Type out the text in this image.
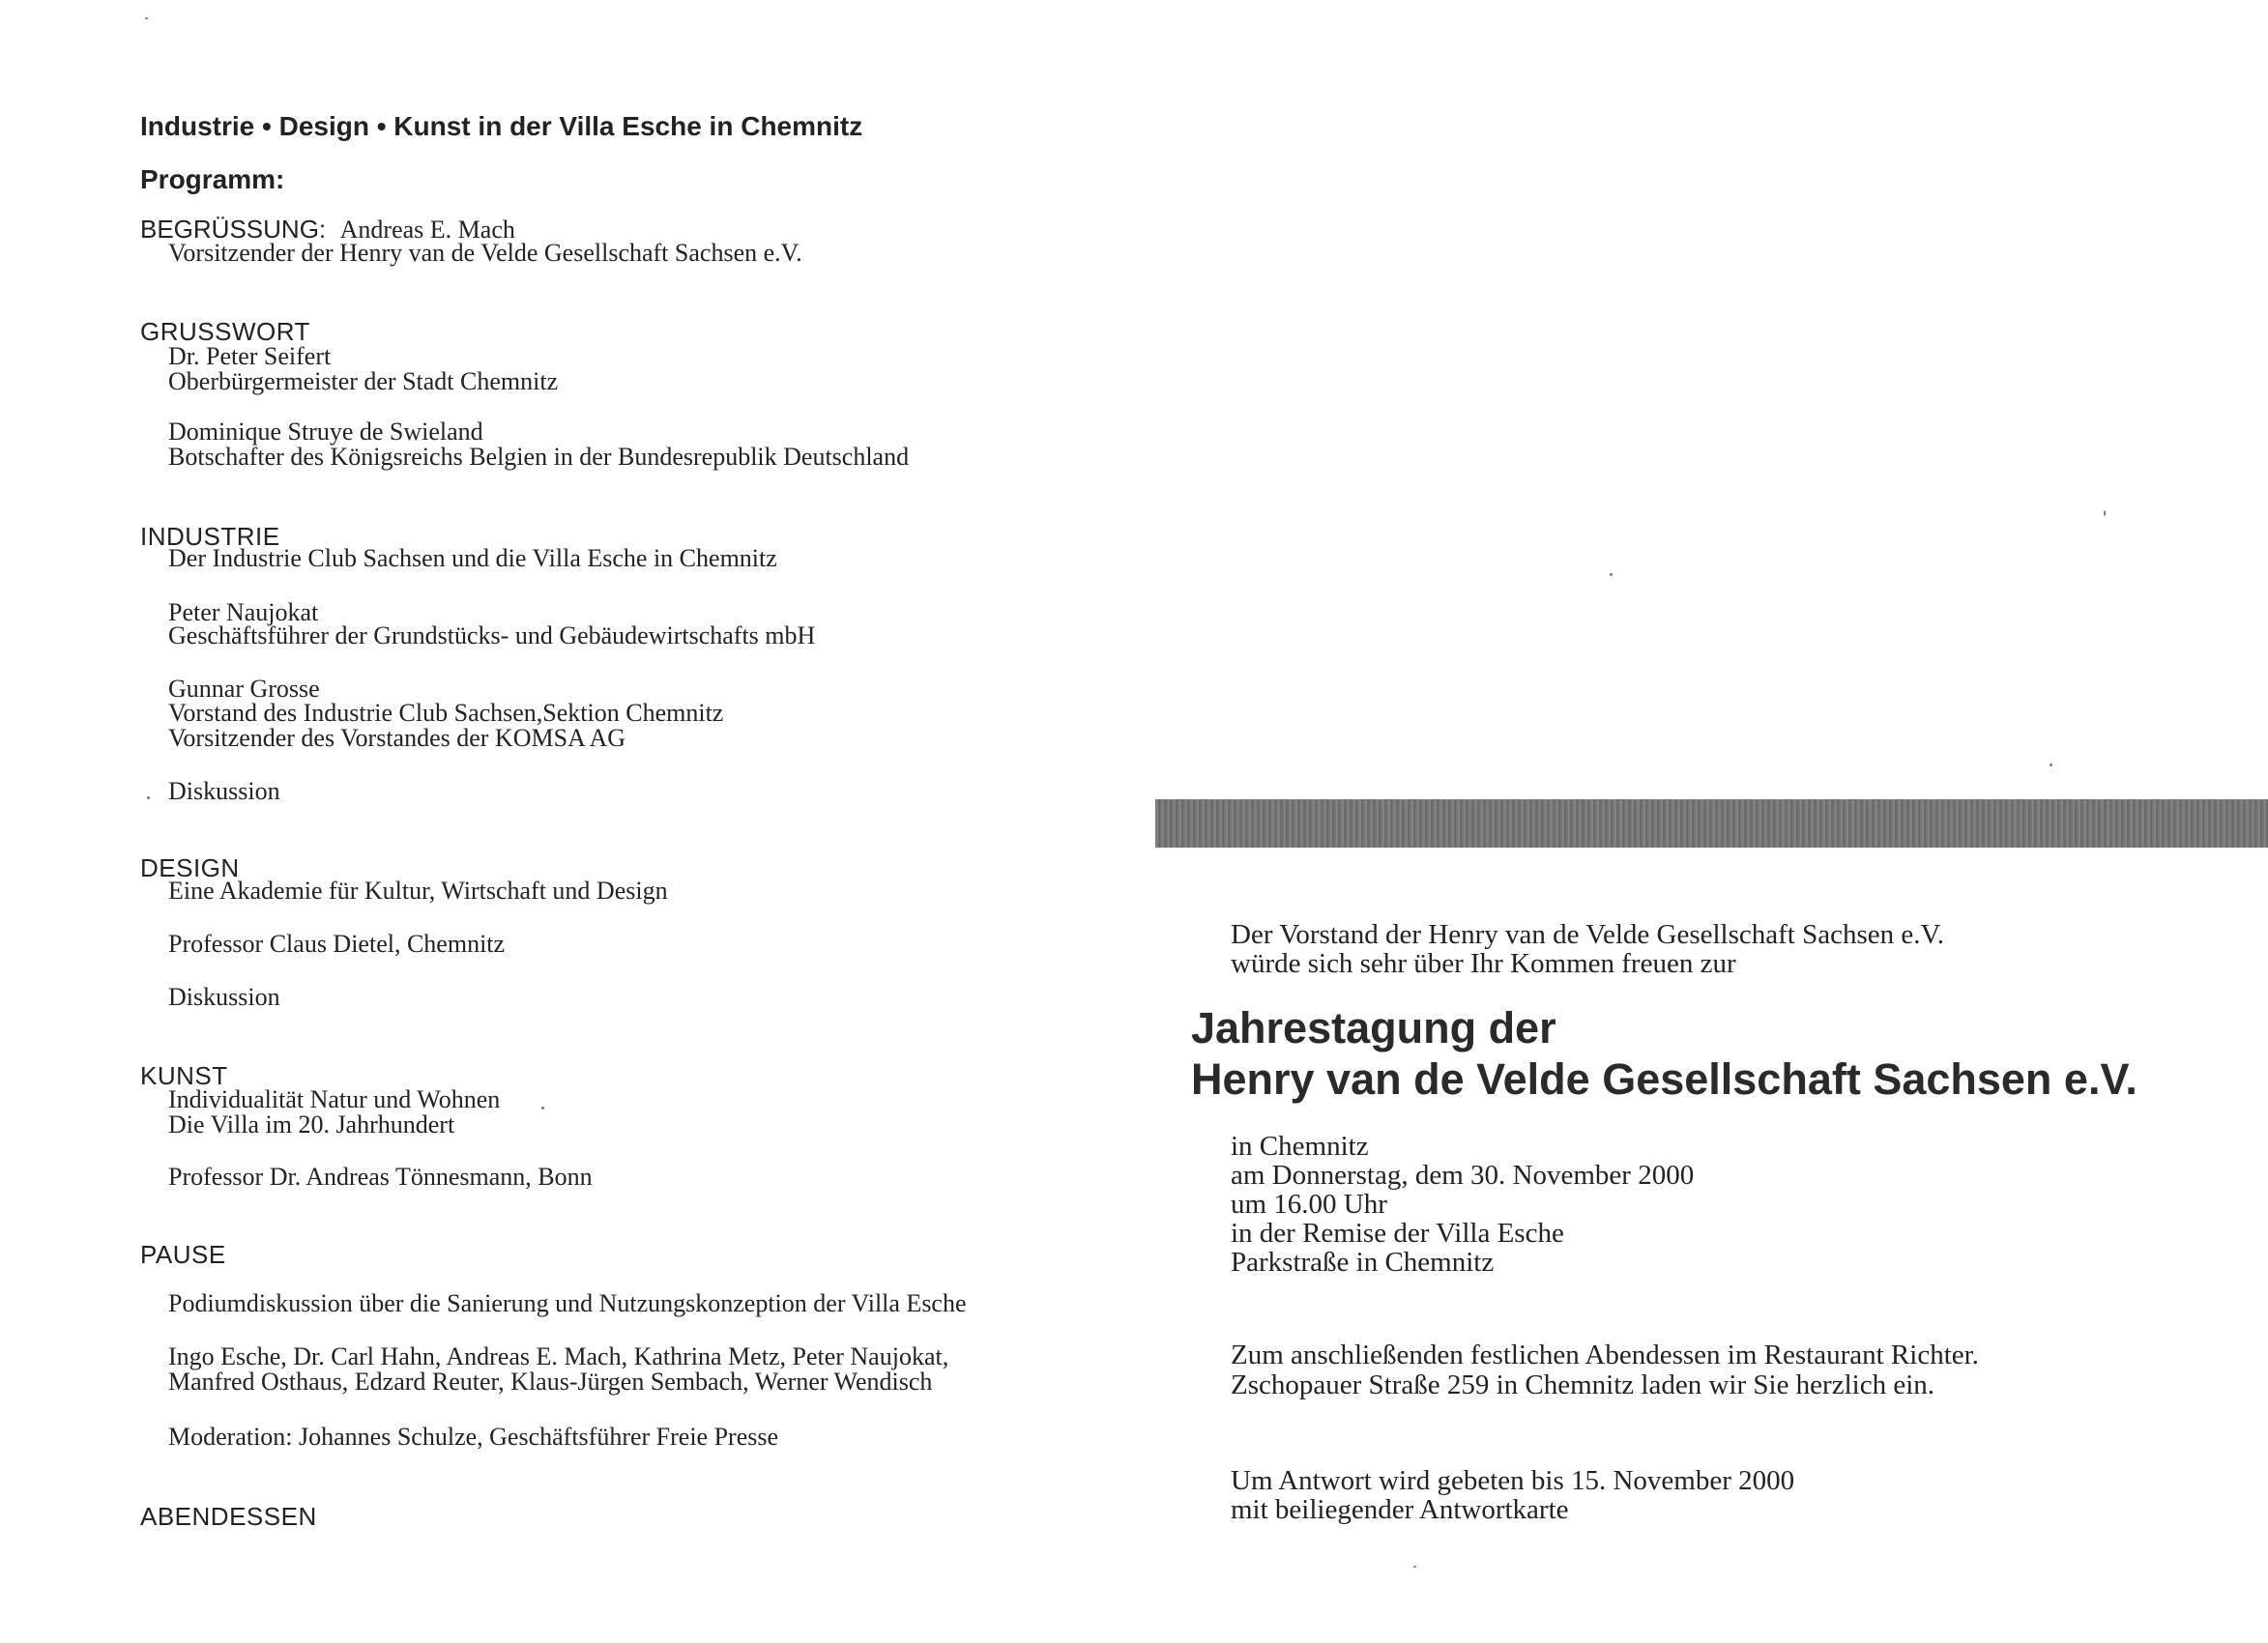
Industrie • Design • Kunst in der Villa Esche in Chemnitz
Programm:
BEGRÜSSUNG: Andreas E. Mach
Vorsitzender der Henry van de Velde Gesellschaft Sachsen e.V.
GRUSSWORT
Dr. Peter Seifert
Oberbürgermeister der Stadt Chemnitz
Dominique Struye de Swieland
Botschafter des Königsreichs Belgien in der Bundesrepublik Deutschland
INDUSTRIE
Der Industrie Club Sachsen und die Villa Esche in Chemnitz
Peter Naujokat
Geschäftsführer der Grundstücks- und Gebäudewirtschafts mbH
Gunnar Grosse
Vorstand des Industrie Club Sachsen,Sektion Chemnitz
Vorsitzender des Vorstandes der KOMSA AG
Diskussion
DESIGN
Eine Akademie für Kultur, Wirtschaft und Design
Professor Claus Dietel, Chemnitz
Diskussion
KUNST
Individualität Natur und Wohnen
Die Villa im 20. Jahrhundert
Professor Dr. Andreas Tönnesmann, Bonn
PAUSE
Podiumdiskussion über die Sanierung und Nutzungskonzeption der Villa Esche
Ingo Esche, Dr. Carl Hahn, Andreas E. Mach, Kathrina Metz, Peter Naujokat,
Manfred Osthaus, Edzard Reuter, Klaus-Jürgen Sembach, Werner Wendisch
Moderation: Johannes Schulze, Geschäftsführer Freie Presse
ABENDESSEN
Der Vorstand der Henry van de Velde Gesellschaft Sachsen e.V.
würde sich sehr über Ihr Kommen freuen zur
Jahrestagung der
Henry van de Velde Gesellschaft Sachsen e.V.
in Chemnitz
am Donnerstag, dem 30. November 2000
um 16.00 Uhr
in der Remise der Villa Esche
Parkstraße in Chemnitz
Zum anschließenden festlichen Abendessen im Restaurant Richter.
Zschopauer Straße 259 in Chemnitz laden wir Sie herzlich ein.
Um Antwort wird gebeten bis 15. November 2000
mit beiliegender Antwortkarte
